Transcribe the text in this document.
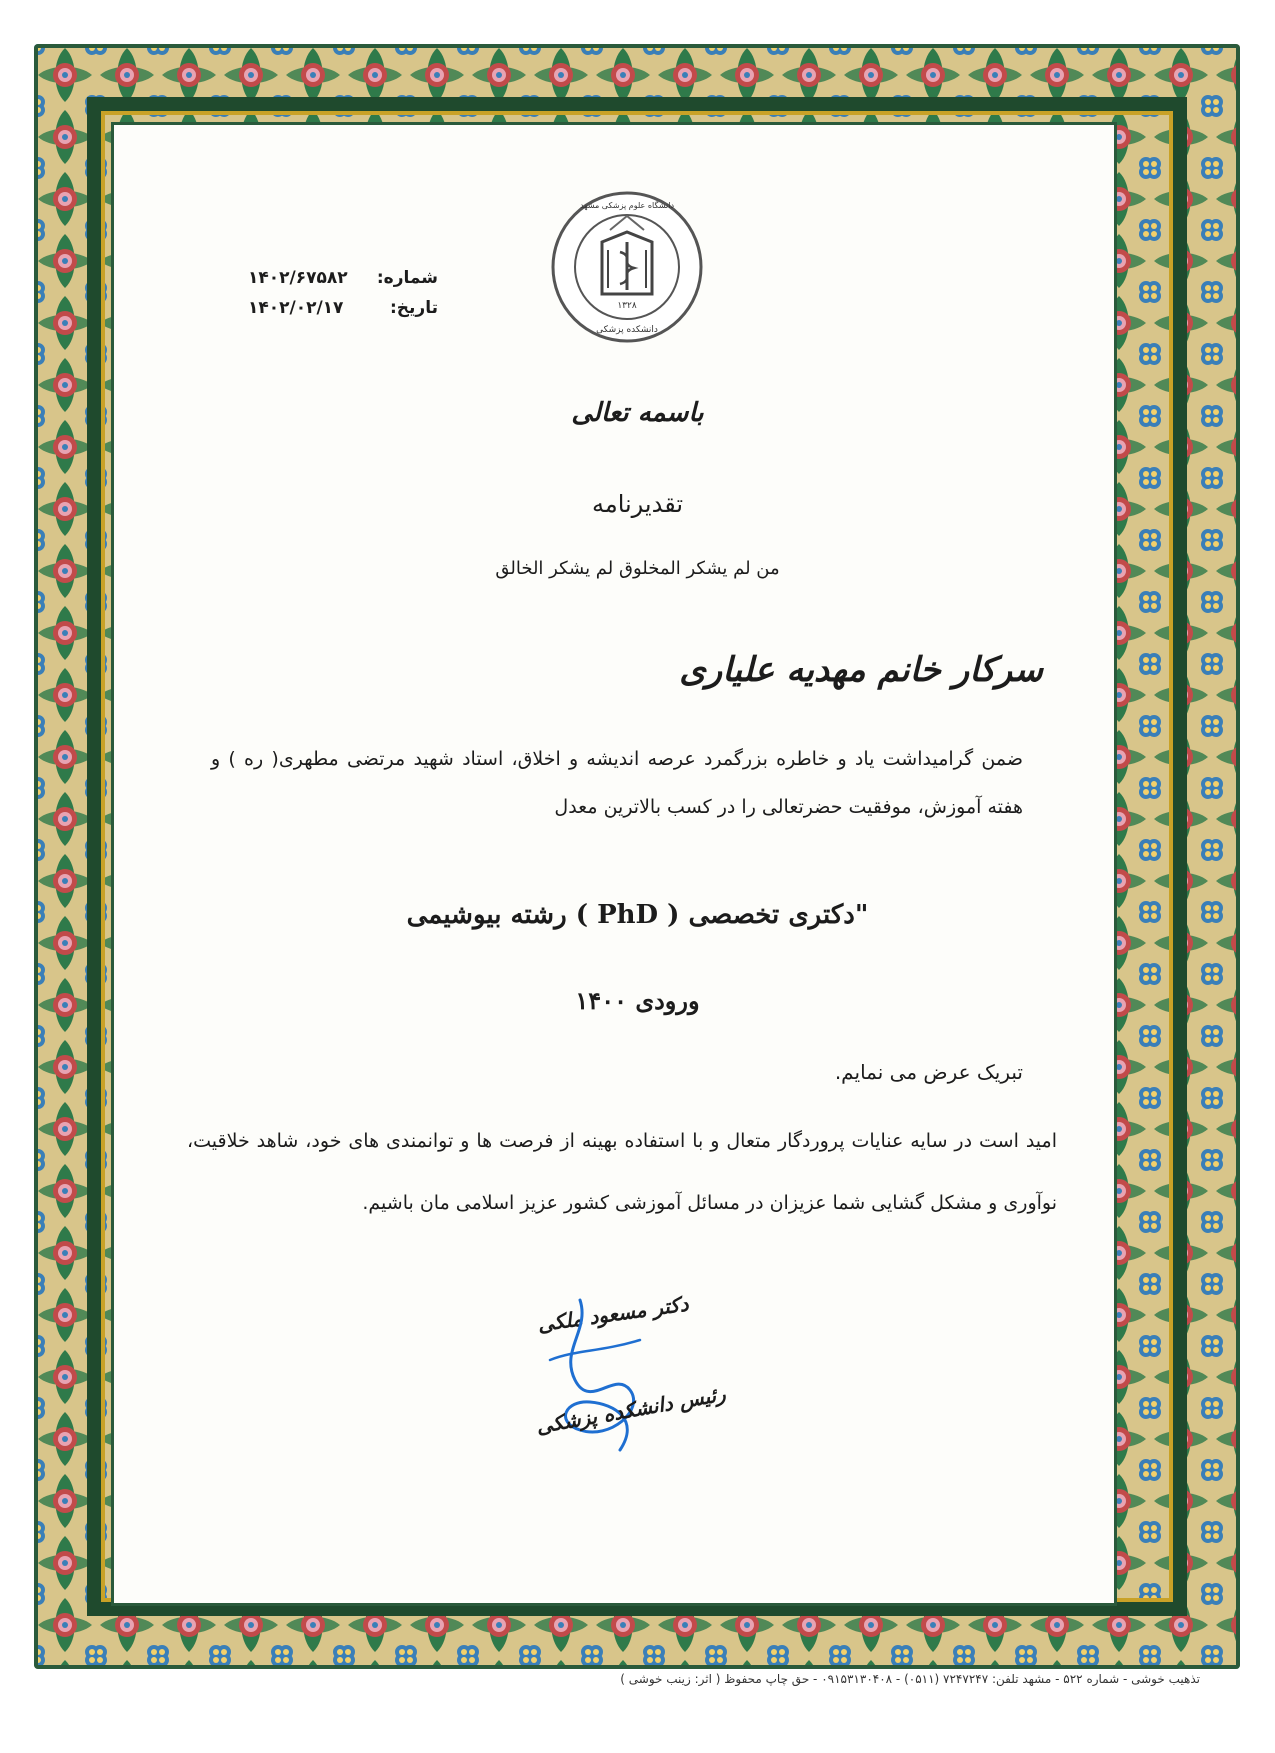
شماره:
۱۴۰۲/۶۷۵۸۲
تاریخ:
۱۴۰۲/۰۲/۱۷	۱۳۲۸
دانشگاه علوم پزشکی مشهد
دانشکده پزشکی
باسمه تعالی
تقدیرنامه
من لم یشکر المخلوق لم یشکر الخالق
سرکار خانم مهدیه علیاری
ضمن گرامیداشت یاد و خاطره بزرگمرد عرصه اندیشه و اخلاق، استاد شهید مرتضی مطهری( ره ) و هفته آموزش، موفقیت حضرتعالی را در کسب بالاترین معدل
"دکتری تخصصی ( PhD ) رشته بیوشیمی
ورودی ۱۴۰۰
تبریک عرض می نمایم.
امید است در سایه عنایات پروردگار متعال و با استفاده بهینه از فرصت ها و توانمندی های خود، شاهد خلاقیت، نوآوری و مشکل گشایی شما عزیزان در مسائل آموزشی کشور عزیز اسلامی مان باشیم.
دکتر مسعود ملکی
رئیس دانشکده پزشکی
تذهیب خوشی - شماره ۵۲۲ - مشهد تلفن: ۷۲۴۷۲۴۷ (۰۵۱۱) - ۰۹۱۵۳۱۳۰۴۰۸ - حق چاپ محفوظ ( اثر: زینب خوشی )
